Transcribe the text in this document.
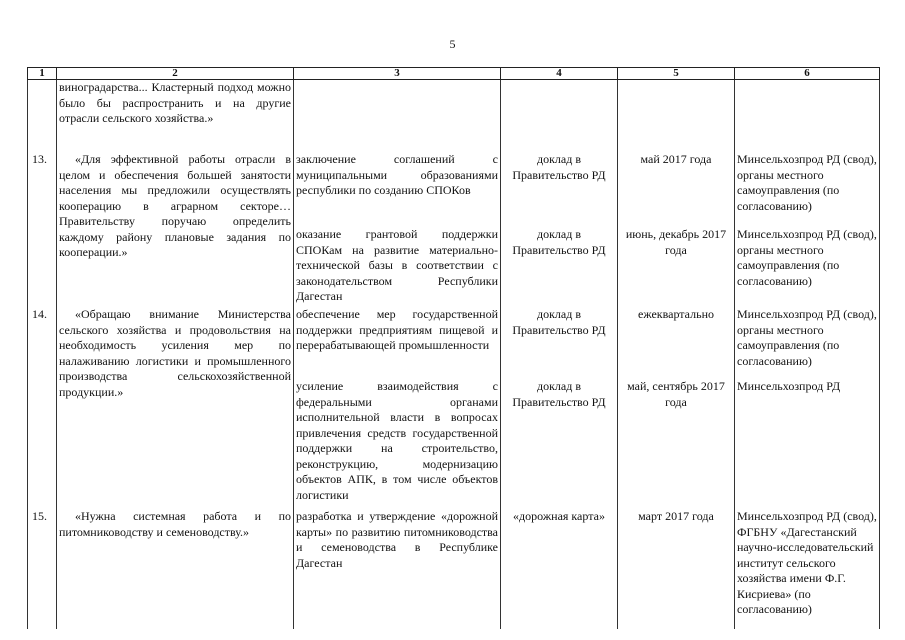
5
1	2	3	4	5	6
	виноградарства... Кластерный подход можно было бы распространить и на другие отрасли сельского хозяйства.»				
13.	«Для эффективной работы отрасли в целом и обеспечения большей занятости населения мы предложили осуществлять кооперацию в аграрном секторе… Правительству поручаю определить каждому району плановые задания по кооперации.»	заключение соглашений с муниципальными образованиями республики по созданию СПОКов	доклад в Правительство РД	май 2017 года	Минсельхозпрод РД (свод), органы местного самоуправления (по согласованию)
		оказание грантовой поддержки СПОКам на развитие материально-технической базы в соответствии с законодательством Республики Дагестан	доклад в Правительство РД	июнь, декабрь 2017 года	Минсельхозпрод РД (свод), органы местного самоуправления (по согласованию)
14.	«Обращаю внимание Министерства сельского хозяйства и продовольствия на необходимость усиления мер по налаживанию логистики и промышленного производства сельскохозяйственной продукции.»	обеспечение мер государственной поддержки предприятиям пищевой и перерабатывающей промышленности	доклад в Правительство РД	ежеквартально	Минсельхозпрод РД (свод), органы местного самоуправления (по согласованию)
		усиление взаимодействия с федеральными органами исполнительной власти в вопросах привлечения средств государственной поддержки на строительство, реконструкцию, модернизацию объектов АПК, в том числе объектов логистики	доклад в Правительство РД	май, сентябрь 2017 года	Минсельхозпрод РД
15.	«Нужна системная работа и по питомниководству и семеноводству.»	разработка и утверждение «дорожной карты» по развитию питомниководства и семеноводства в Республике Дагестан	«дорожная карта»	март 2017 года	Минсельхозпрод РД (свод), ФГБНУ «Дагестанский научно-исследовательский институт сельского хозяйства имени Ф.Г. Кисриева» (по согласованию)
